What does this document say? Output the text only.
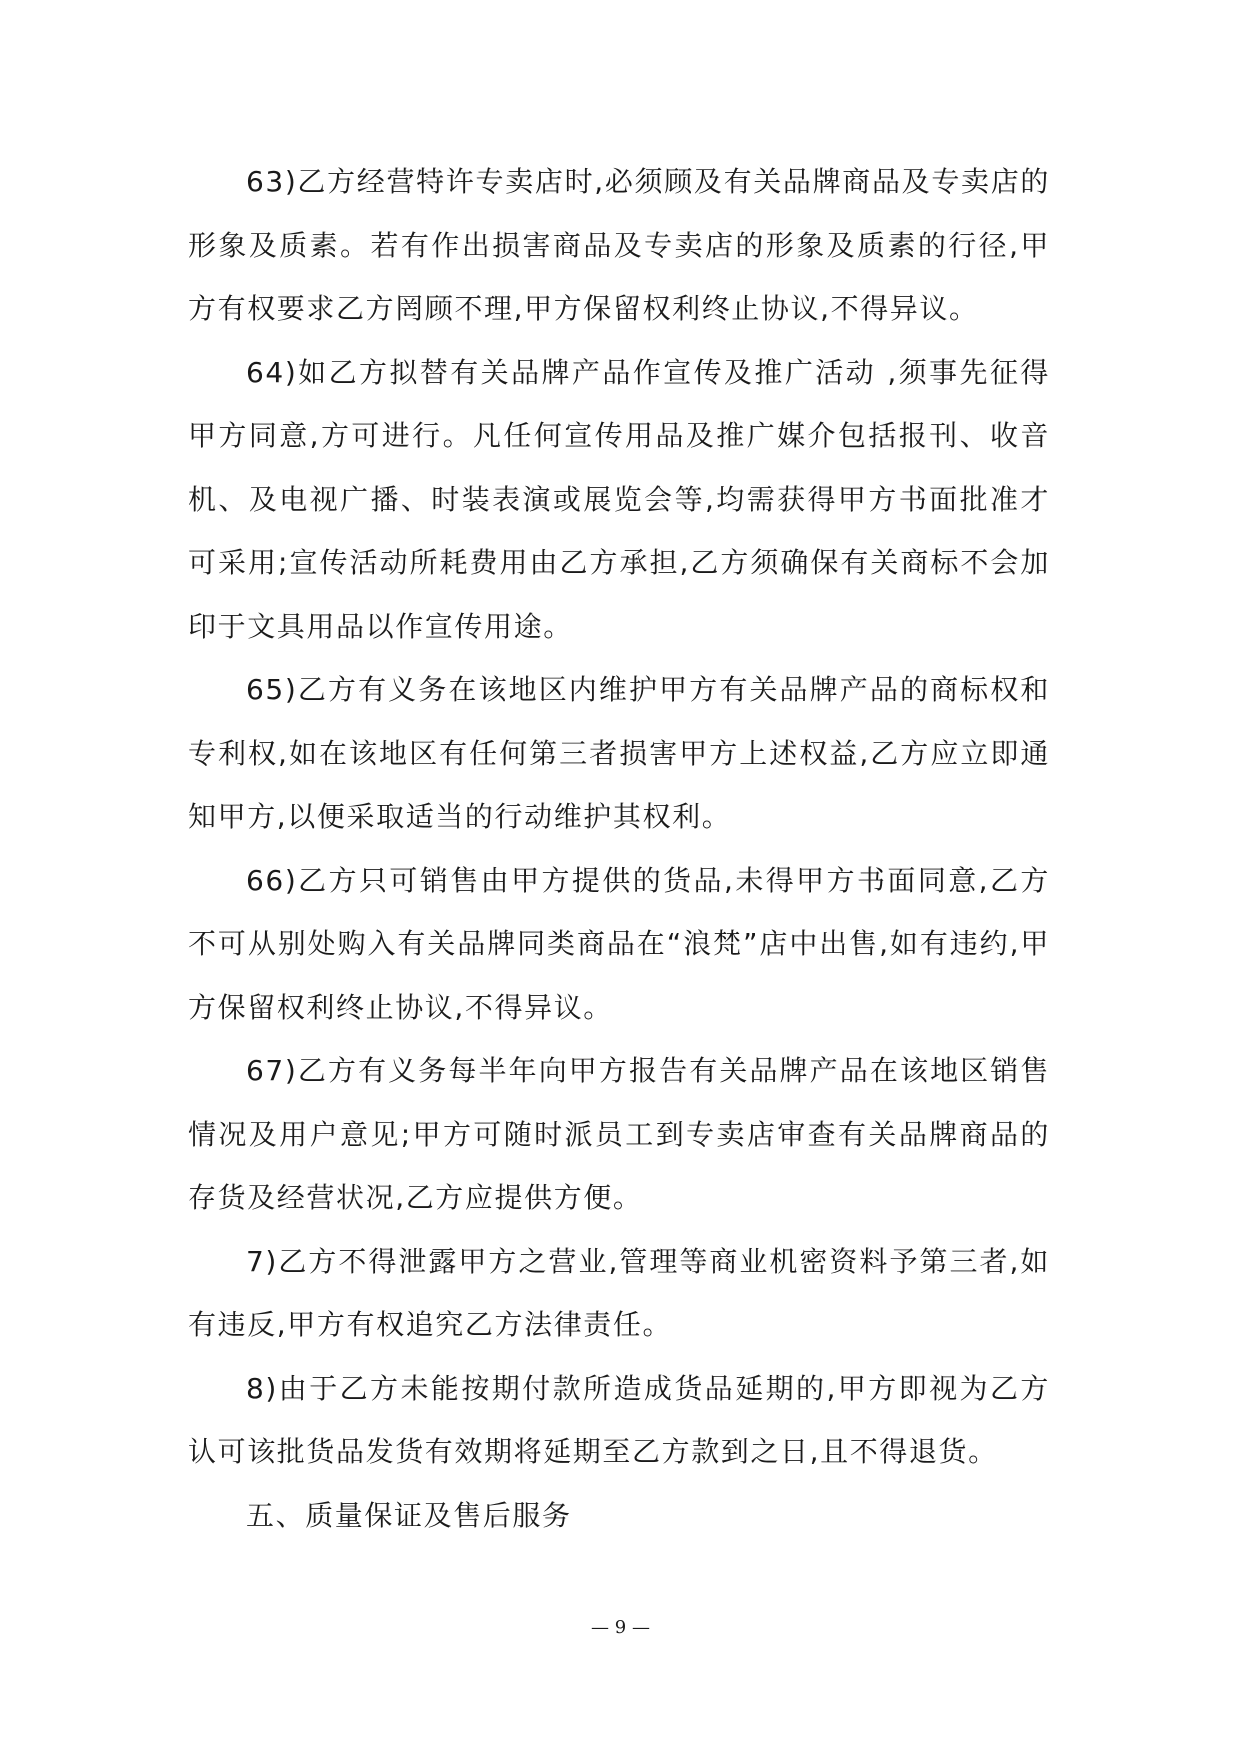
63)乙方经营特许专卖店时,必须顾及有关品牌商品及专卖店的形象及质素。若有作出损害商品及专卖店的形象及质素的行径,甲方有权要求乙方罔顾不理,甲方保留权利终止协议,不得异议。

64)如乙方拟替有关品牌产品作宣传及推广活动 ,须事先征得甲方同意,方可进行。凡任何宣传用品及推广媒介包括报刊、收音机、及电视广播、时装表演或展览会等,均需获得甲方书面批准才可采用;宣传活动所耗费用由乙方承担,乙方须确保有关商标不会加印于文具用品以作宣传用途。

65)乙方有义务在该地区内维护甲方有关品牌产品的商标权和专利权,如在该地区有任何第三者损害甲方上述权益,乙方应立即通知甲方,以便采取适当的行动维护其权利。

66)乙方只可销售由甲方提供的货品,未得甲方书面同意,乙方不可从别处购入有关品牌同类商品在“浪梵”店中出售,如有违约,甲方保留权利终止协议,不得异议。

67)乙方有义务每半年向甲方报告有关品牌产品在该地区销售情况及用户意见;甲方可随时派员工到专卖店审查有关品牌商品的存货及经营状况,乙方应提供方便。

7)乙方不得泄露甲方之营业,管理等商业机密资料予第三者,如有违反,甲方有权追究乙方法律责任。

8)由于乙方未能按期付款所造成货品延期的,甲方即视为乙方认可该批货品发货有效期将延期至乙方款到之日,且不得退货。

五、质量保证及售后服务

— 9 —
